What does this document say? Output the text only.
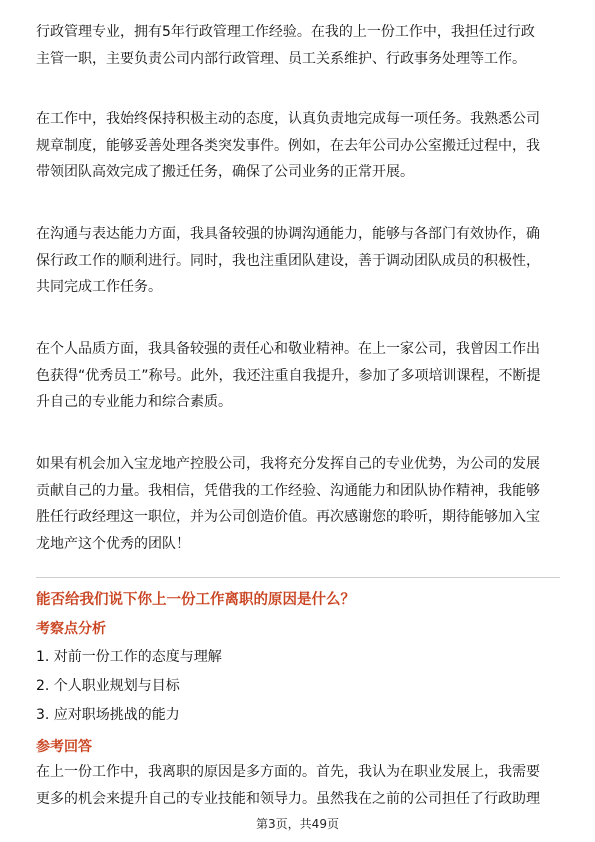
行政管理专业，拥有5年行政管理工作经验。在我的上一份工作中，我担任过行政
主管一职，主要负责公司内部行政管理、员工关系维护、行政事务处理等工作。
在工作中，我始终保持积极主动的态度，认真负责地完成每一项任务。我熟悉公司
规章制度，能够妥善处理各类突发事件。例如，在去年公司办公室搬迁过程中，我
带领团队高效完成了搬迁任务，确保了公司业务的正常开展。
在沟通与表达能力方面，我具备较强的协调沟通能力，能够与各部门有效协作，确
保行政工作的顺利进行。同时，我也注重团队建设，善于调动团队成员的积极性，
共同完成工作任务。
在个人品质方面，我具备较强的责任心和敬业精神。在上一家公司，我曾因工作出
色获得“优秀员工”称号。此外，我还注重自我提升，参加了多项培训课程，不断提
升自己的专业能力和综合素质。
如果有机会加入宝龙地产控股公司，我将充分发挥自己的专业优势，为公司的发展
贡献自己的力量。我相信，凭借我的工作经验、沟通能力和团队协作精神，我能够
胜任行政经理这一职位，并为公司创造价值。再次感谢您的聆听，期待能够加入宝
龙地产这个优秀的团队！

能否给我们说下你上一份工作离职的原因是什么？

考察点分析

1. 对前一份工作的态度与理解

2. 个人职业规划与目标

3. 应对职场挑战的能力

参考回答

在上一份工作中，我离职的原因是多方面的。首先，我认为在职业发展上，我需要
更多的机会来提升自己的专业技能和领导力。虽然我在之前的公司担任了行政助理
第3页，共49页
